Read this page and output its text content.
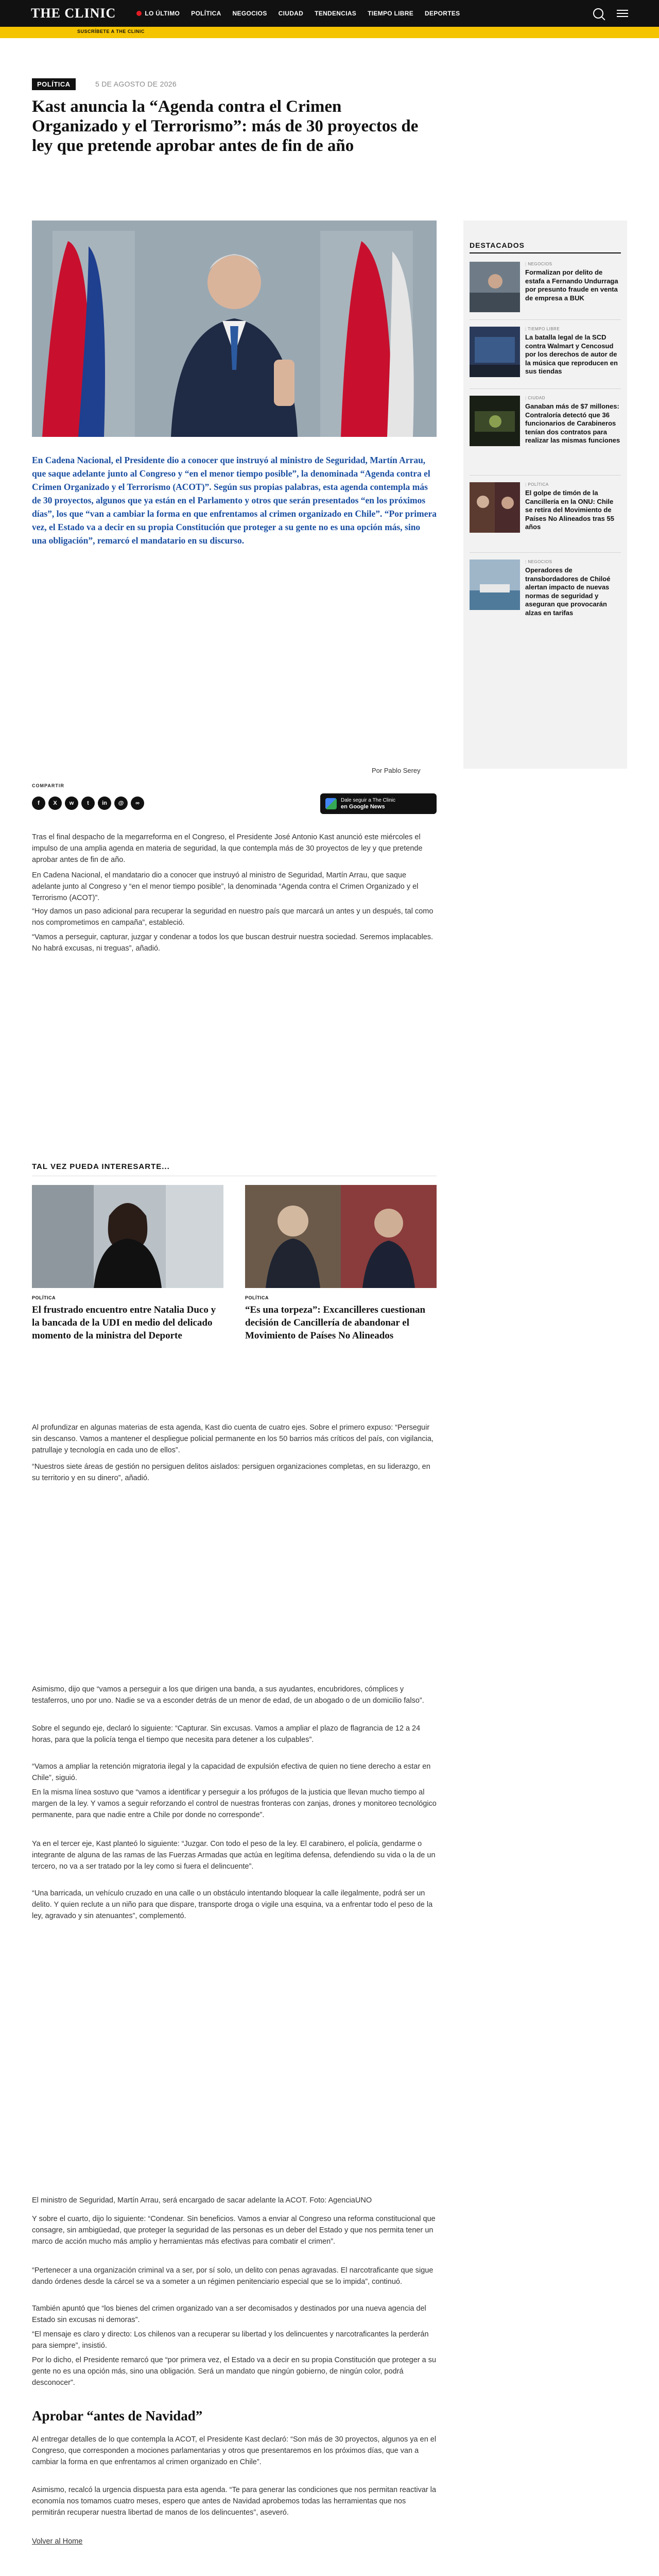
THE CLINIC	LO ÚLTIMO POLÍTICA NEGOCIOS CIUDAD TENDENCIAS TIEMPO LIBRE DEPORTES
SUSCRÍBETE A THE CLINIC
POLÍTICA	5 DE AGOSTO DE 2026
Kast anuncia la “Agenda contra el Crimen Organizado y el Terrorismo”: más de 30 proyectos de ley que pretende aprobar antes de fin de año

En Cadena Nacional, el Presidente dio a conocer que instruyó al ministro de Seguridad, Martín Arrau, que saque adelante junto al Congreso y “en el menor tiempo posible”, la denominada “Agenda contra el Crimen Organizado y el Terrorismo (ACOT)”. Según sus propias palabras, esta agenda contempla más de 30 proyectos, algunos que ya están en el Parlamento y otros que serán presentados “en los próximos días”, los que “van a cambiar la forma en que enfrentamos al crimen organizado en Chile”. “Por primera vez, el Estado va a decir en su propia Constitución que proteger a su gente no es una opción más, sino una obligación”, remarcó el mandatario en su discurso.

Por Pablo Serey
COMPARTIR
f	X	w	t	in	@	∞	Dale seguir a The Clinic
en Google News

Tras el final despacho de la megarreforma en el Congreso, el Presidente José Antonio Kast anunció este miércoles el impulso de una amplia agenda en materia de seguridad, la que contempla más de 30 proyectos de ley y que pretende aprobar antes de fin de año.

En Cadena Nacional, el mandatario dio a conocer que instruyó al ministro de Seguridad, Martín Arrau, que saque adelante junto al Congreso y “en el menor tiempo posible”, la denominada “Agenda contra el Crimen Organizado y el Terrorismo (ACOT)”.

“Hoy damos un paso adicional para recuperar la seguridad en nuestro país que marcará un antes y un después, tal como nos comprometimos en campaña”, estableció.

“Vamos a perseguir, capturar, juzgar y condenar a todos los que buscan destruir nuestra sociedad. Seremos implacables. No habrá excusas, ni treguas”, añadió.

TAL VEZ PUEDA INTERESARTE...
POLÍTICA
El frustrado encuentro entre Natalia Duco y la bancada de la UDI en medio del delicado momento de la ministra del Deporte
POLÍTICA
“Es una torpeza”: Excancilleres cuestionan decisión de Cancillería de abandonar el Movimiento de Países No Alineados

Al profundizar en algunas materias de esta agenda, Kast dio cuenta de cuatro ejes. Sobre el primero expuso: “Perseguir sin descanso. Vamos a mantener el despliegue policial permanente en los 50 barrios más críticos del país, con vigilancia, patrullaje y tecnología en cada uno de ellos”.

“Nuestros siete áreas de gestión no persiguen delitos aislados: persiguen organizaciones completas, en su liderazgo, en su territorio y en su dinero”, añadió.

Asimismo, dijo que “vamos a perseguir a los que dirigen una banda, a sus ayudantes, encubridores, cómplices y testaferros, uno por uno. Nadie se va a esconder detrás de un menor de edad, de un abogado o de un domicilio falso”.

Sobre el segundo eje, declaró lo siguiente: “Capturar. Sin excusas. Vamos a ampliar el plazo de flagrancia de 12 a 24 horas, para que la policía tenga el tiempo que necesita para detener a los culpables”.

“Vamos a ampliar la retención migratoria ilegal y la capacidad de expulsión efectiva de quien no tiene derecho a estar en Chile”, siguió.

En la misma línea sostuvo que “vamos a identificar y perseguir a los prófugos de la justicia que llevan mucho tiempo al margen de la ley. Y vamos a seguir reforzando el control de nuestras fronteras con zanjas, drones y monitoreo tecnológico permanente, para que nadie entre a Chile por donde no corresponde”.

Ya en el tercer eje, Kast planteó lo siguiente: “Juzgar. Con todo el peso de la ley. El carabinero, el policía, gendarme o integrante de alguna de las ramas de las Fuerzas Armadas que actúa en legítima defensa, defendiendo su vida o la de un tercero, no va a ser tratado por la ley como si fuera el delincuente”.

“Una barricada, un vehículo cruzado en una calle o un obstáculo intentando bloquear la calle ilegalmente, podrá ser un delito. Y quien reclute a un niño para que dispare, transporte droga o vigile una esquina, va a enfrentar todo el peso de la ley, agravado y sin atenuantes”, complementó.

El ministro de Seguridad, Martín Arrau, será encargado de sacar adelante la ACOT. Foto: AgenciaUNO

Y sobre el cuarto, dijo lo siguiente: “Condenar. Sin beneficios. Vamos a enviar al Congreso una reforma constitucional que consagre, sin ambigüedad, que proteger la seguridad de las personas es un deber del Estado y que nos permita tener un marco de acción mucho más amplio y herramientas más efectivas para combatir el crimen”.

“Pertenecer a una organización criminal va a ser, por sí solo, un delito con penas agravadas. El narcotraficante que sigue dando órdenes desde la cárcel se va a someter a un régimen penitenciario especial que se lo impida”, continuó.

También apuntó que “los bienes del crimen organizado van a ser decomisados y destinados por una nueva agencia del Estado sin excusas ni demoras”.

“El mensaje es claro y directo: Los chilenos van a recuperar su libertad y los delincuentes y narcotraficantes la perderán para siempre”, insistió.

Por lo dicho, el Presidente remarcó que “por primera vez, el Estado va a decir en su propia Constitución que proteger a su gente no es una opción más, sino una obligación. Será un mandato que ningún gobierno, de ningún color, podrá desconocer”.

Aprobar “antes de Navidad”

Al entregar detalles de lo que contempla la ACOT, el Presidente Kast declaró: “Son más de 30 proyectos, algunos ya en el Congreso, que corresponden a mociones parlamentarias y otros que presentaremos en los próximos días, que van a cambiar la forma en que enfrentamos al crimen organizado en Chile”.

Asimismo, recalcó la urgencia dispuesta para esta agenda. “Te para generar las condiciones que nos permitan reactivar la economía nos tomamos cuatro meses, espero que antes de Navidad aprobemos todas las herramientas que nos permitirán recuperar nuestra libertad de manos de los delincuentes”, aseveró.

Volver al Home
DESTACADOS
| NEGOCIOS
Formalizan por delito de estafa a Fernando Undurraga por presunto fraude en venta de empresa a BUK
| TIEMPO LIBRE
La batalla legal de la SCD contra Walmart y Cencosud por los derechos de autor de la música que reproducen en sus tiendas
| CIUDAD
Ganaban más de $7 millones: Contraloría detectó que 36 funcionarios de Carabineros tenían dos contratos para realizar las mismas funciones
| POLÍTICA
El golpe de timón de la Cancillería en la ONU: Chile se retira del Movimiento de Países No Alineados tras 55 años
| NEGOCIOS
Operadores de transbordadores de Chiloé alertan impacto de nuevas normas de seguridad y aseguran que provocarán alzas en tarifas
